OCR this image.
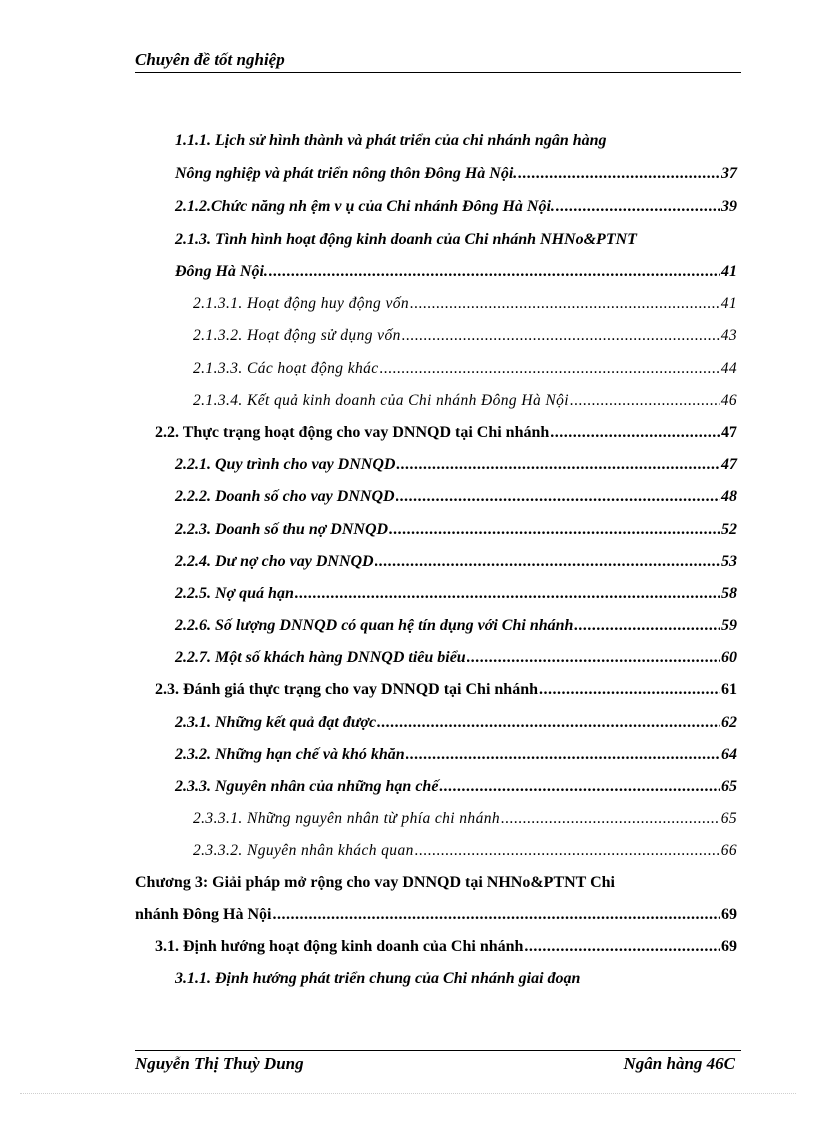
Chuyên đề tốt nghiệp
1.1.1. Lịch sử hình thành và phát triển của chi nhánh ngân hàng
Nông nghiệp và phát triển nông thôn Đông Hà Nội. .....	37
2.1.2.Chức năng nh ệm v ụ của Chi nhánh Đông Hà Nội. .....	39
2.1.3. Tình hình hoạt động kinh doanh của Chi nhánh NHNo&PTNT
Đông Hà Nội. .....	41
2.1.3.1. Hoạt động huy động vốn .....	41
2.1.3.2. Hoạt động sử dụng vốn .....	43
2.1.3.3. Các hoạt động khác .....	44
2.1.3.4. Kết quả kinh doanh của Chi nhánh Đông Hà Nội .....	46
2.2. Thực trạng hoạt động cho vay DNNQD tại Chi nhánh .....	47
2.2.1. Quy trình cho vay DNNQD .....	47
2.2.2. Doanh số cho vay DNNQD .....	48
2.2.3. Doanh số thu nợ DNNQD .....	52
2.2.4. Dư nợ cho vay DNNQD .....	53
2.2.5. Nợ quá hạn .....	58
2.2.6. Số lượng DNNQD có quan hệ tín dụng với Chi nhánh .....	59
2.2.7. Một số khách hàng DNNQD tiêu biểu .....	60
2.3. Đánh giá thực trạng cho vay DNNQD tại Chi nhánh .....	61
2.3.1. Những kết quả đạt được .....	62
2.3.2. Những hạn chế và khó khăn .....	64
2.3.3. Nguyên nhân của những hạn chế .....	65
2.3.3.1. Những nguyên nhân từ phía chi nhánh .....	65
2.3.3.2. Nguyên nhân khách quan .....	66
Chương 3: Giải pháp mở rộng cho vay DNNQD tại NHNo&PTNT Chi
nhánh Đông Hà Nội .....	69
3.1. Định hướng hoạt động kinh doanh của Chi nhánh .....	69
3.1.1. Định hướng phát triển chung của Chi nhánh giai đoạn
Nguyễn Thị Thuỳ Dung	Ngân hàng 46C
